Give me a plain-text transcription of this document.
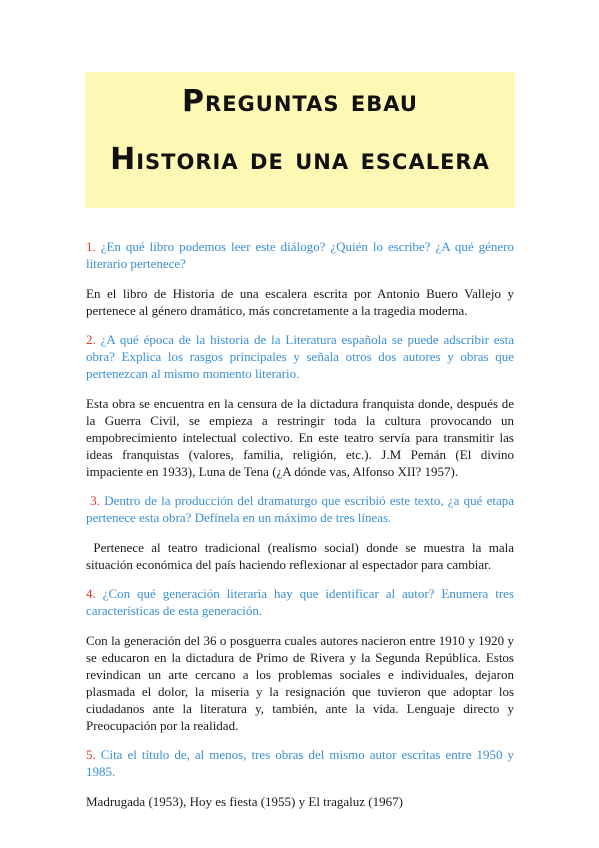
Preguntas ebau
Historia de una escalera

1. ¿En qué libro podemos leer este diálogo? ¿Quién lo escribe? ¿A qué género literario pertenece?

En el libro de Historia de una escalera escrita por Antonio Buero Vallejo y pertenece al género dramático, más concretamente a la tragedia moderna.

2. ¿A qué época de la historia de la Literatura española se puede adscribir esta obra? Explica los rasgos principales y señala otros dos autores y obras que pertenezcan al mismo momento literario.

Esta obra se encuentra en la censura de la dictadura franquista donde, después de la Guerra Civil, se empieza a restringir toda la cultura provocando un empobrecimiento intelectual colectivo. En este teatro servía para transmitir las ideas franquistas (valores, familia, religión, etc.). J.M Pemán (El divino impaciente en 1933), Luna de Tena (¿A dónde vas, Alfonso XII? 1957).

3. Dentro de la producción del dramaturgo que escribió este texto, ¿a qué etapa pertenece esta obra? Defínela en un máximo de tres líneas.

Pertenece al teatro tradicional (realismo social) donde se muestra la mala situación económica del país haciendo reflexionar al espectador para cambiar.

4. ¿Con qué generación literaria hay que identificar al autor? Enumera tres características de esta generación.

Con la generación del 36 o posguerra cuales autores nacieron entre 1910 y 1920 y se educaron en la dictadura de Primo de Rivera y la Segunda República. Estos revindican un arte cercano a los problemas sociales e individuales, dejaron plasmada el dolor, la miseria y la resignación que tuvieron que adoptar los ciudadanos ante la literatura y, también, ante la vida. Lenguaje directo y Preocupación por la realidad.

5. Cita el título de, al menos, tres obras del mismo autor escritas entre 1950 y 1985.

Madrugada (1953), Hoy es fiesta (1955) y El tragaluz (1967)
